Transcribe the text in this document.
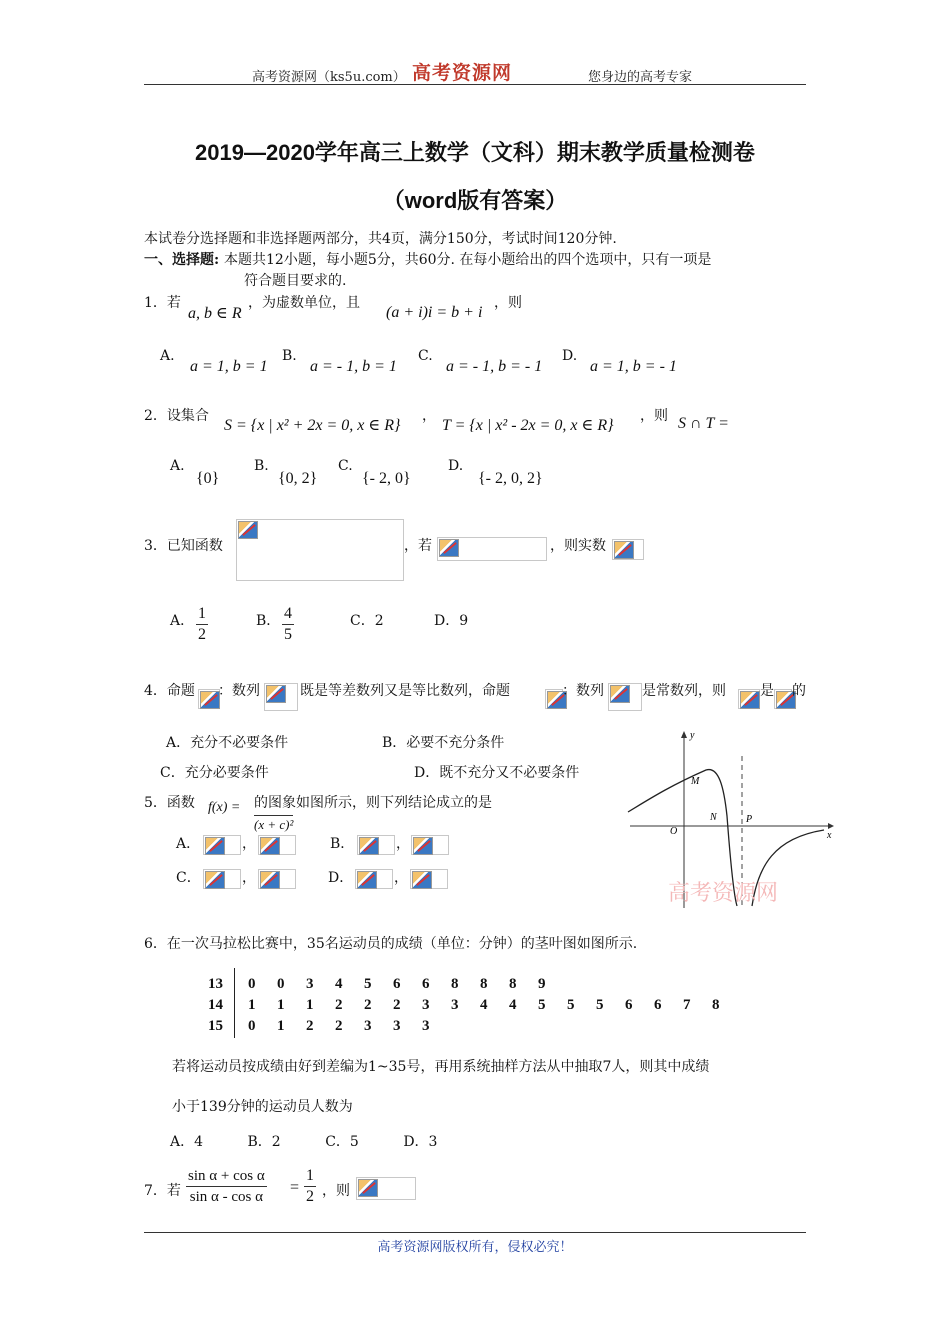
高考资源网（ks5u.com） 高考资源网	您身边的高考专家
2019—2020学年高三上数学（文科）期末教学质量检测卷
（word版有答案）
本试卷分选择题和非选择题两部分，共4页，满分150分，考试时间120分钟.
一、选择题: 本题共12小题，每小题5分，共60分. 在每小题给出的四个选项中，只有一项是
符合题目要求的.
1．若
a, b ∈ R
，为虚数单位，且
(a + i)i = b + i
，则
A.
a = 1, b = 1
B.
a = - 1, b = 1
C.
a = - 1, b = - 1
D.
a = 1, b = - 1
2．设集合
S = {x | x² + 2x = 0, x ∈ R}
，
T = {x | x² - 2x = 0, x ∈ R}
，则 S ∩ T =
A.
{0}
B.
{0, 2}
C.
{- 2, 0}
D.
{- 2, 0, 2}
3．已知函数	，若	，则实数
A． $\frac{1}{2}$	B． $\frac{4}{5}$	C．2	D．9
4．命题 ：数列	既是等差数列又是等比数列，命题	：数列	是常数列，则 是 的
A．充分不必要条件	B．必要不充分条件
C．充分必要条件	D．既不充分又不必要条件
y
x
M
N	P
O
高考资源网
5．函数 f(x) =
(x + c)²
的图象如图所示，则下列结论成立的是
A．	，	B．	，
C．	，	D．	，
6．在一次马拉松比赛中，35名运动员的成绩（单位：分钟）的茎叶图如图所示.
13	0	0	3	4	5	6	6	8	8	8	9						
14	1	1	1	2	2	2	3	3	4	4	5	5	5	6	6	7	8
15	0	1	2	2	3	3	3										
若将运动员按成绩由好到差编为1~35号，再用系统抽样方法从中抽取7人，则其中成绩
小于139分钟的运动员人数为
A．4          B．2          C．5          D．3
7．若 $\frac{\text{sin α + cos α}}{\text{sin α - cos α}} = \frac{1}{2}$ ，则
高考资源网版权所有，侵权必究！
